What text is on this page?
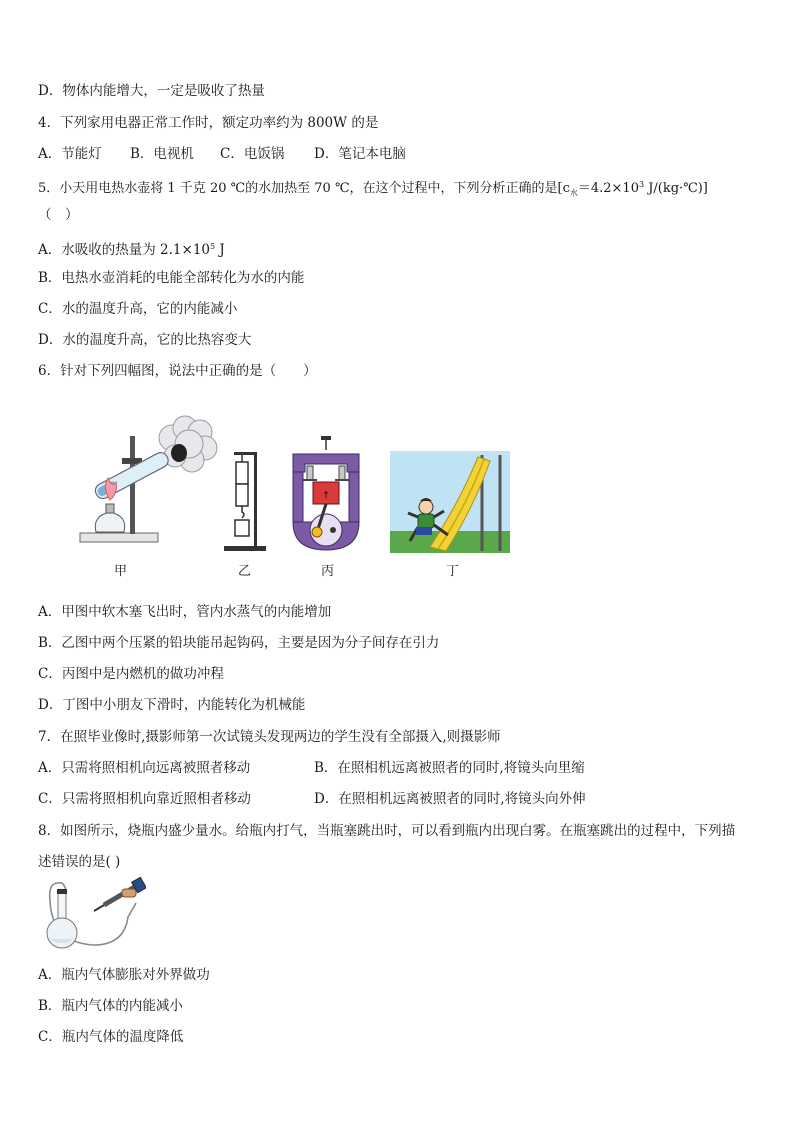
D．物体内能增大，一定是吸收了热量
4．下列家用电器正常工作时，额定功率约为 800W 的是
A．节能灯 B．电视机 C．电饭锅 D．笔记本电脑
5．小天用电热水壶将 1 千克 20 ℃的水加热至 70 ℃，在这个过程中，下列分析正确的是[$c_水=4.2\times 10^3$ J/(kg·℃)]
（　）
A．水吸收的热量为 $2.1\times 10^5$ J
B．电热水壶消耗的电能全部转化为水的内能
C．水的温度升高，它的内能减小
D．水的温度升高，它的比热容变大
6．针对下列四幅图，说法中正确的是（　　）
甲	乙
†
丙	丁
A．甲图中软木塞飞出时，管内水蒸气的内能增加
B．乙图中两个压紧的铅块能吊起钩码，主要是因为分子间存在引力
C．丙图中是内燃机的做功冲程
D．丁图中小朋友下滑时，内能转化为机械能
7．在照毕业像时,摄影师第一次试镜头发现两边的学生没有全部摄入,则摄影师
A．只需将照相机向远离被照者移动	B．在照相机远离被照者的同时,将镜头向里缩
C．只需将照相机向靠近照相者移动	D．在照相机远离被照者的同时,将镜头向外伸
8．如图所示，烧瓶内盛少量水。给瓶内打气，当瓶塞跳出时，可以看到瓶内出现白雾。在瓶塞跳出的过程中，下列描
述错误的是( )
A．瓶内气体膨胀对外界做功
B．瓶内气体的内能减小
C．瓶内气体的温度降低
